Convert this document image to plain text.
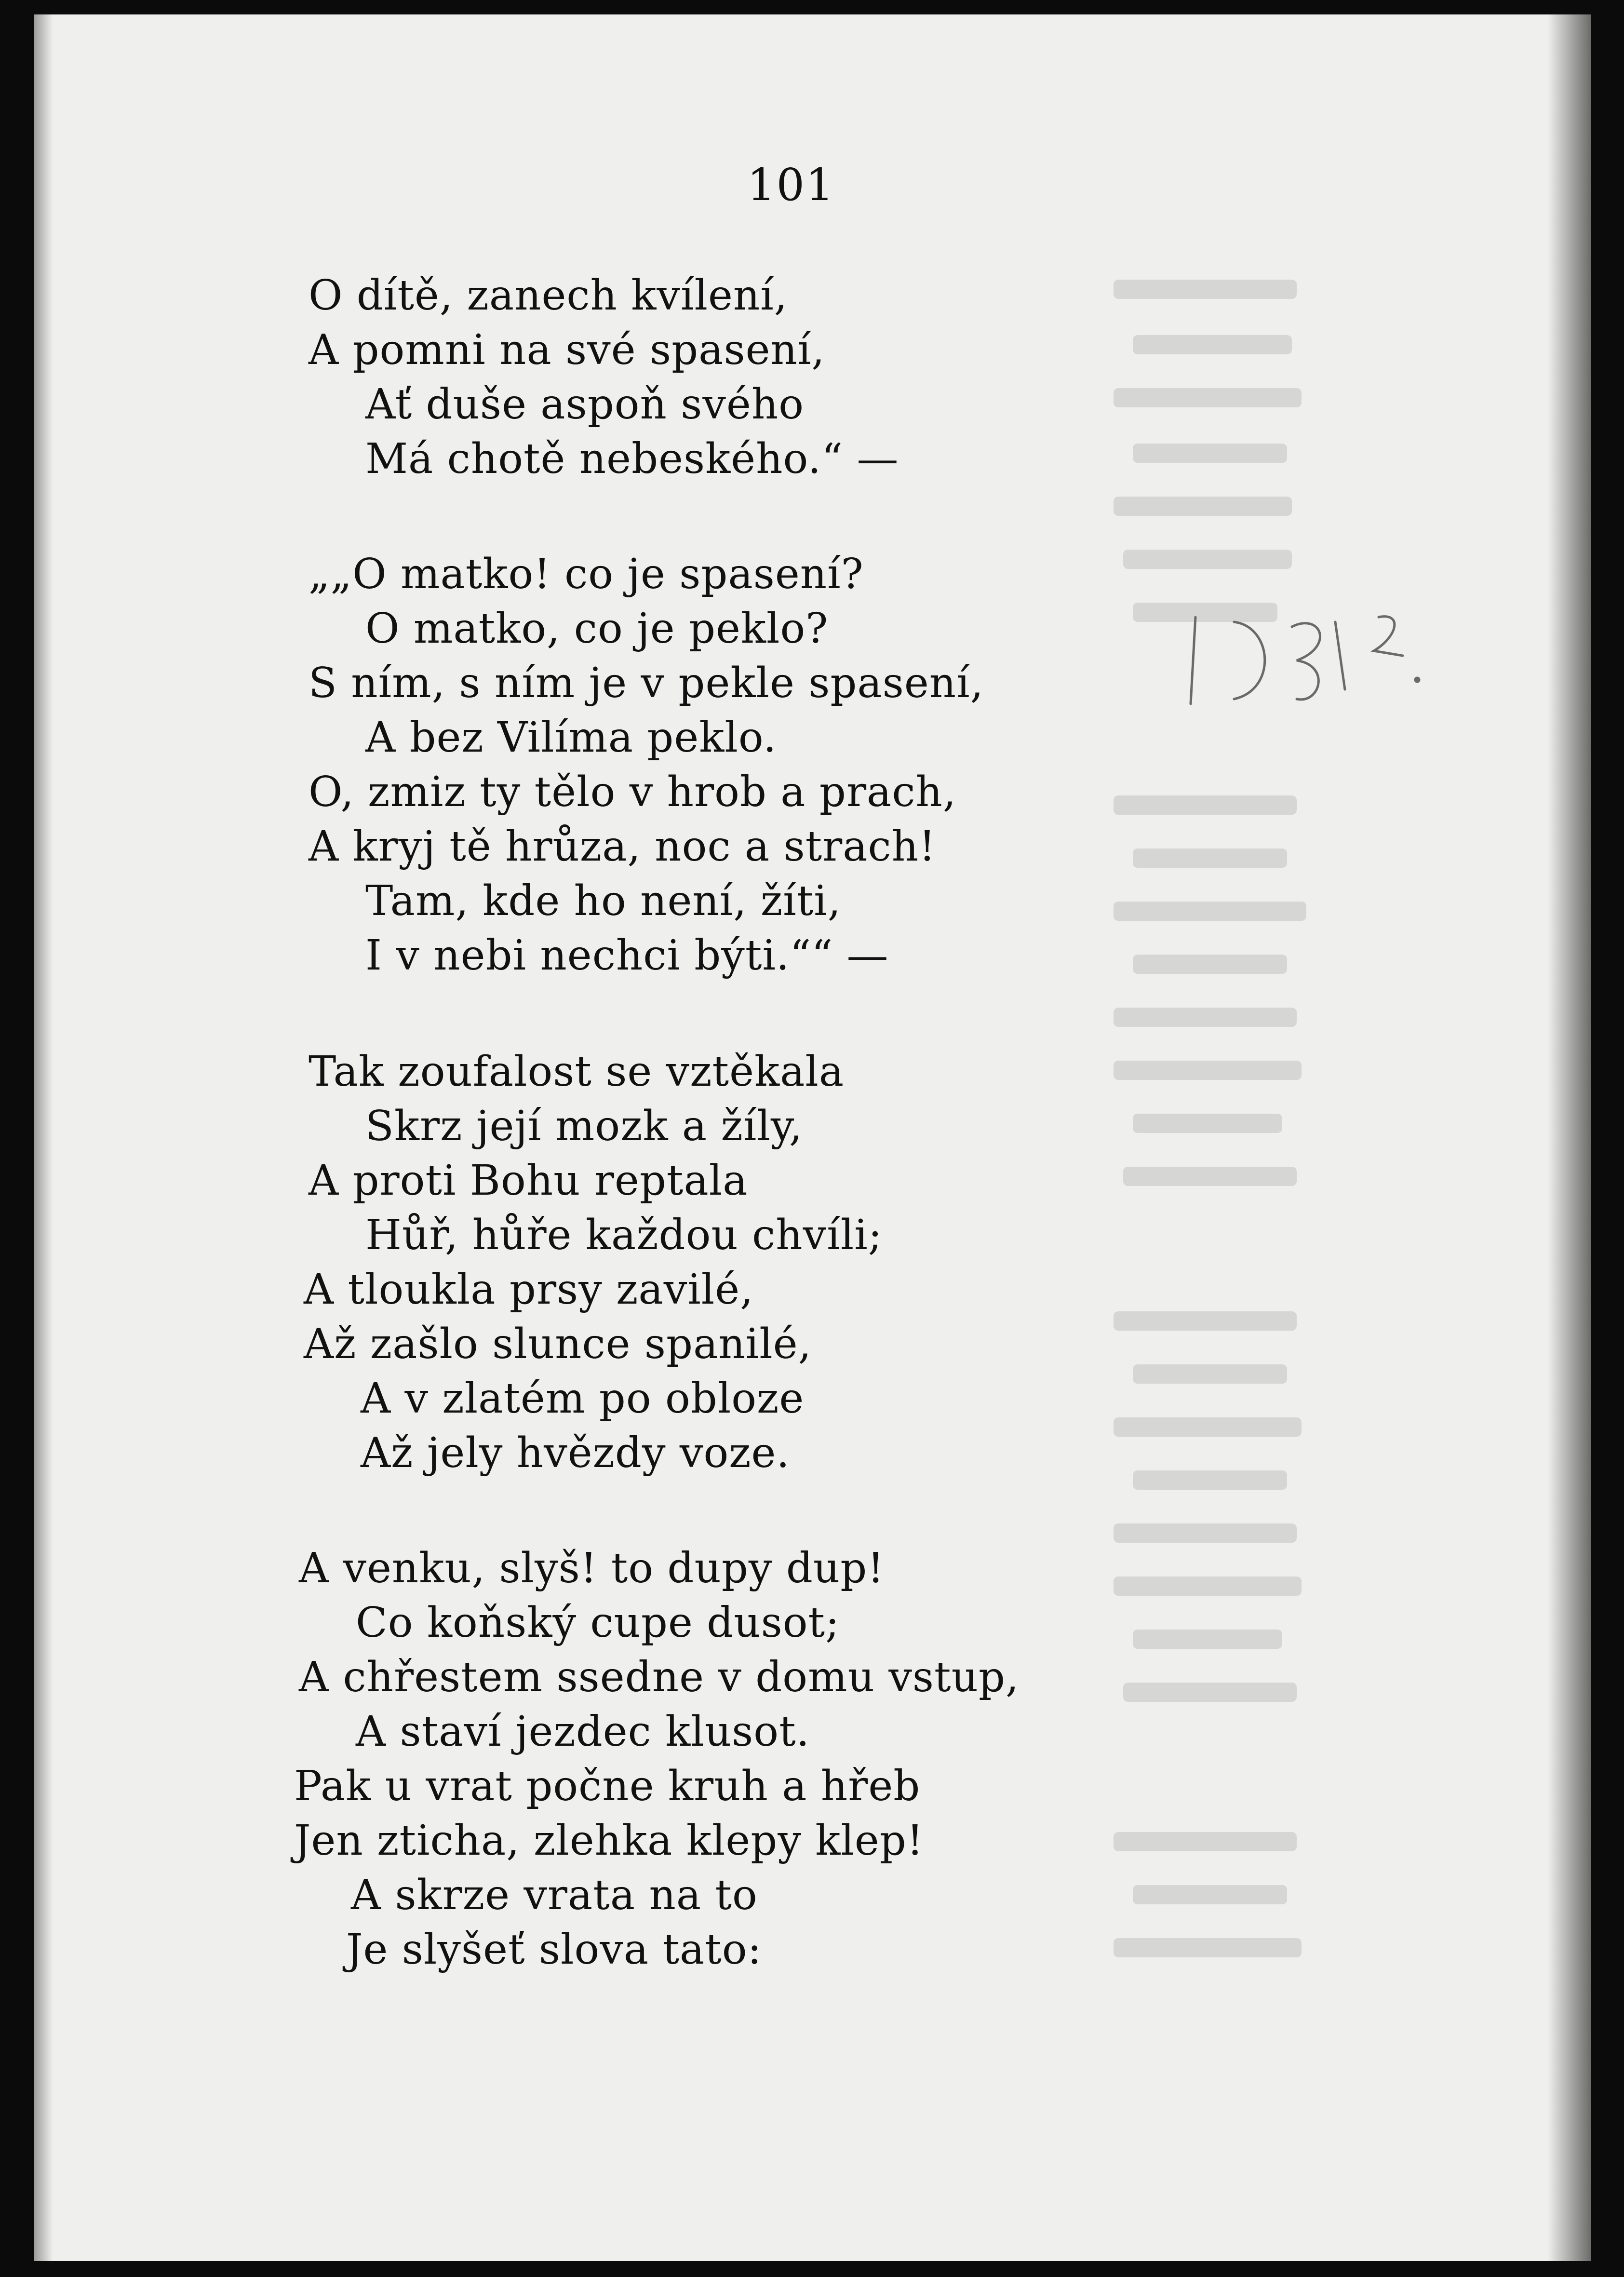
101
O dítě, zanech kvílení,
A pomni na své spasení,
Ať duše aspoň svého
Má chotě nebeského.“ —
„„O matko! co je spasení?
O matko, co je peklo?
S ním, s ním je v pekle spasení,
A bez Vilíma peklo.
O, zmiz ty tělo v hrob a prach,
A kryj tě hrůza, noc a strach!
Tam, kde ho není, žíti,
I v nebi nechci býti.““ —
Tak zoufalost se vztěkala
Skrz její mozk a žíly,
A proti Bohu reptala
Hůř, hůře každou chvíli;
A tloukla prsy zavilé,
Až zašlo slunce spanilé,
A v zlatém po obloze
Až jely hvězdy voze.
A venku, slyš! to dupy dup!
Co koňský cupe dusot;
A chřestem ssedne v domu vstup,
A staví jezdec klusot.
Pak u vrat počne kruh a hřeb
Jen zticha, zlehka klepy klep!
A skrze vrata na to
Je slyšeť slova tato:
